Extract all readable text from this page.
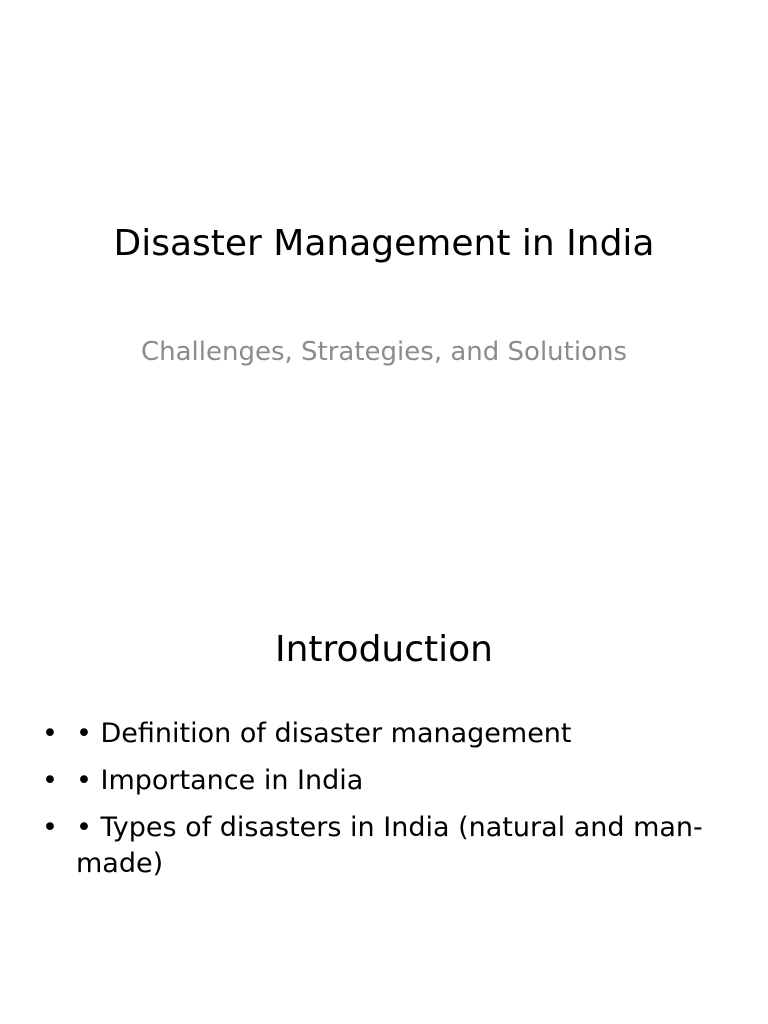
Disaster Management in India
Challenges, Strategies, and Solutions
Introduction
• • Definition of disaster management
• • Importance in India
• • Types of disasters in India (natural and man-made)
